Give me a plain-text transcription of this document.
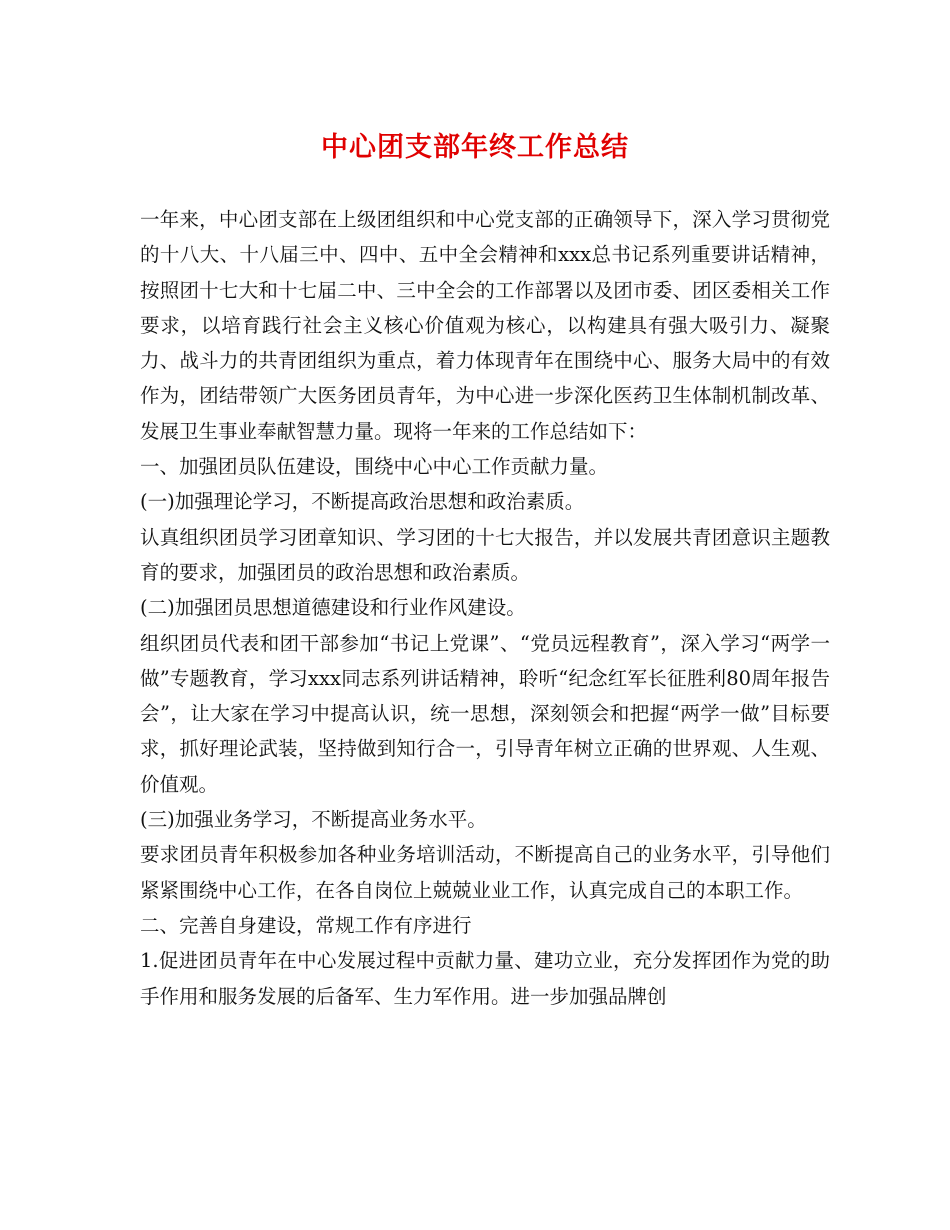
中心团支部年终工作总结

一年来，中心团支部在上级团组织和中心党支部的正确领导下，深入学习贯彻党的十八大、十八届三中、四中、五中全会精神和xxx总书记系列重要讲话精神，按照团十七大和十七届二中、三中全会的工作部署以及团市委、团区委相关工作要求，以培育践行社会主义核心价值观为核心，以构建具有强大吸引力、凝聚力、战斗力的共青团组织为重点，着力体现青年在围绕中心、服务大局中的有效作为，团结带领广大医务团员青年，为中心进一步深化医药卫生体制机制改革、发展卫生事业奉献智慧力量。现将一年来的工作总结如下：

一、加强团员队伍建设，围绕中心中心工作贡献力量。

(一)加强理论学习，不断提高政治思想和政治素质。

认真组织团员学习团章知识、学习团的十七大报告，并以发展共青团意识主题教育的要求，加强团员的政治思想和政治素质。

(二)加强团员思想道德建设和行业作风建设。

组织团员代表和团干部参加“书记上党课”、“党员远程教育”，深入学习“两学一做”专题教育，学习xxx同志系列讲话精神，聆听“纪念红军长征胜利80周年报告会”，让大家在学习中提高认识，统一思想，深刻领会和把握“两学一做”目标要求，抓好理论武装，坚持做到知行合一，引导青年树立正确的世界观、人生观、价值观。

(三)加强业务学习，不断提高业务水平。

要求团员青年积极参加各种业务培训活动，不断提高自己的业务水平，引导他们紧紧围绕中心工作，在各自岗位上兢兢业业工作，认真完成自己的本职工作。

二、完善自身建设，常规工作有序进行

1.促进团员青年在中心发展过程中贡献力量、建功立业，充分发挥团作为党的助手作用和服务发展的后备军、生力军作用。进一步加强品牌创
